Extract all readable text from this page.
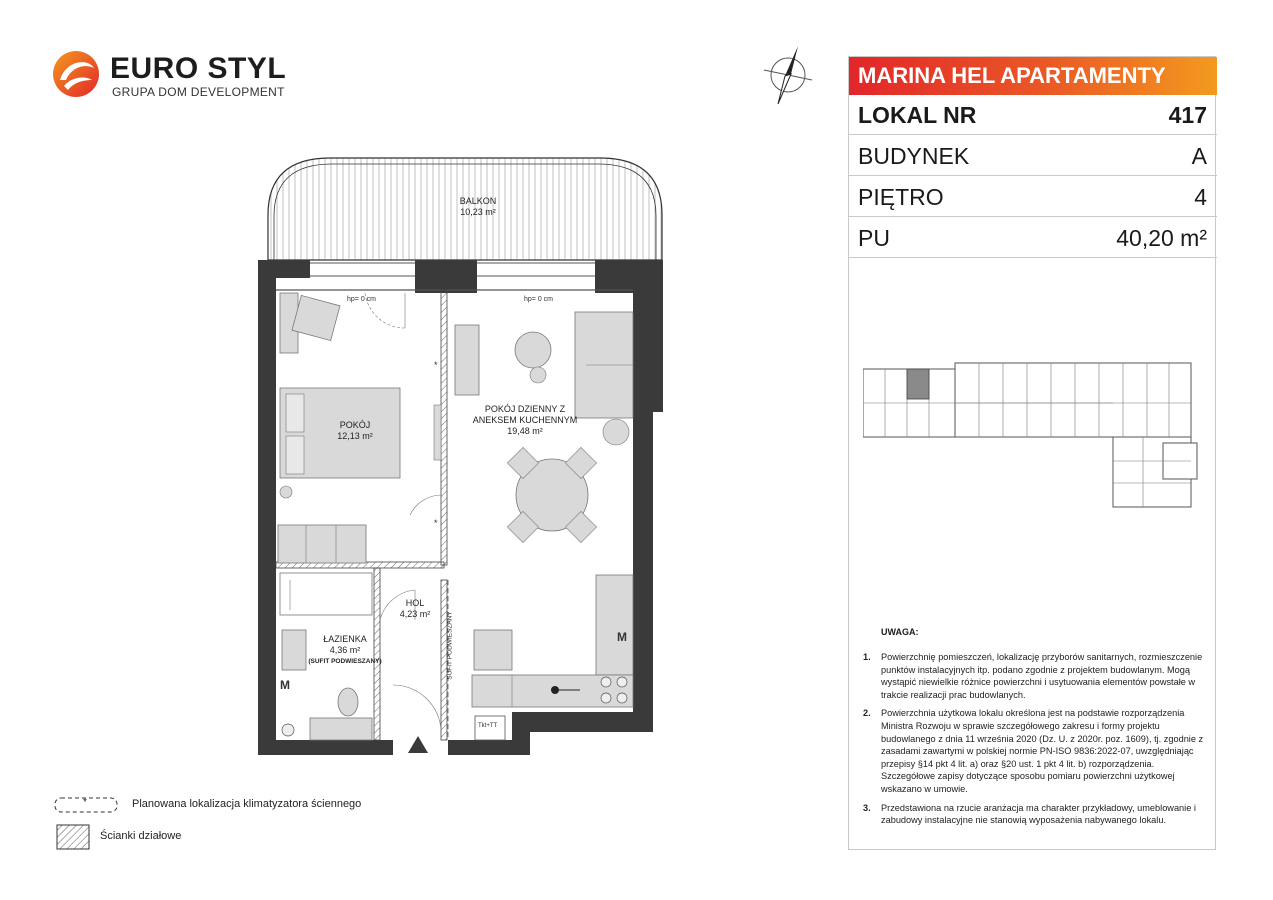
EURO STYL
GRUPA DOM DEVELOPMENT
BALKON
10,23 m²
hp= 0 cm	hp= 0 cm
POKÓJ
12,13 m²
POKÓJ DZIENNY Z
ANEKSEM KUCHENNYM
19,48 m²
HOL
4,23 m²
ŁAZIENKA
4,36 m²
(SUFIT PODWIESZANY)	SUFIT PODWIESZANY
Tkt+TT
M
M
*
*
*	Planowana lokalizacja klimatyzatora ściennego
Ścianki działowe
MARINA HEL APARTAMENTY
LOKAL NR	417
BUDYNEK	A
PIĘTRO	4
PU	40,20 m²
UWAGA:
1. Powierzchnię pomieszczeń, lokalizację przyborów sanitarnych, rozmieszczenie punktów instalacyjnych itp. podano zgodnie z projektem budowlanym. Mogą wystąpić niewielkie różnice powierzchni i usytuowania elementów powstałe w trakcie realizacji prac budowlanych.
2. Powierzchnia użytkowa lokalu określona jest na podstawie rozporządzenia Ministra Rozwoju w sprawie szczegółowego zakresu i formy projektu budowlanego z dnia 11 września 2020 (Dz. U. z 2020r. poz. 1609), tj. zgodnie z zasadami zawartymi w polskiej normie PN-ISO 9836:2022-07, uwzględniając przepisy §14 pkt 4 lit. a) oraz §20 ust. 1 pkt 4 lit. b) rozporządzenia. Szczegółowe zapisy dotyczące sposobu pomiaru powierzchni użytkowej wskazano w umowie.
3. Przedstawiona na rzucie aranżacja ma charakter przykładowy, umeblowanie i zabudowy instalacyjne nie stanowią wyposażenia nabywanego lokalu.
